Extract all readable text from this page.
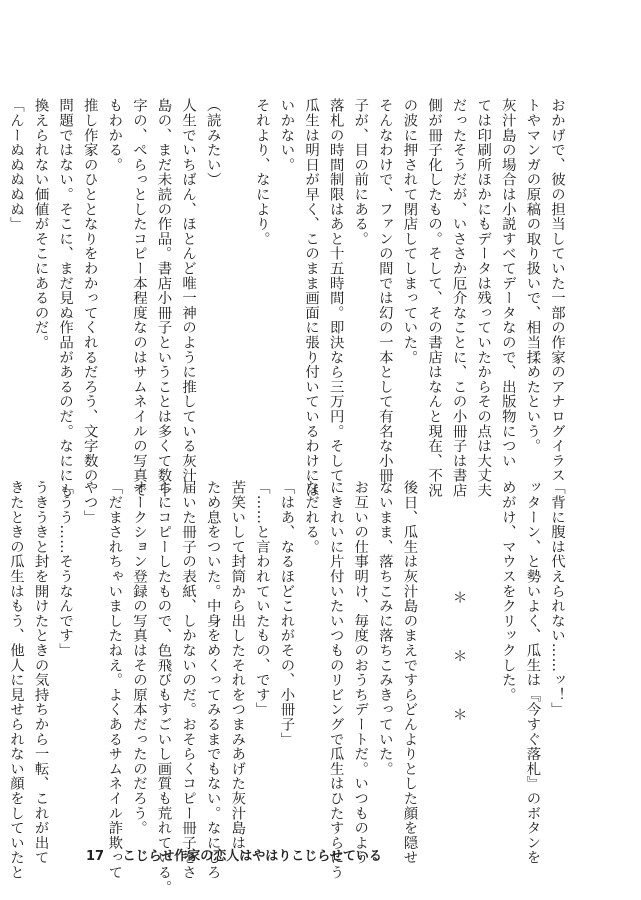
おかげで、彼の担当していた一部の作家のアナログイラス
トやマンガの原稿の取り扱いで、相当揉めたという。
灰汁島の場合は小説すべてデータなので、出版物につい
ては印刷所ほかにもデータは残っていたからその点は大丈夫
だったそうだが、いささか厄介なことに、この小冊子は書店
側が冊子化したもの。そして、その書店はなんと現在、不況
の波に押されて閉店してしまっていた。
そんなわけで、ファンの間では幻の一本として有名な小冊
子が、目の前にある。
落札の時間制限はあと十五時間。即決なら三万円。そして
瓜生は明日が早く、このまま画面に張り付いているわけには
いかない。
それより、なにより。
（読みたい）
人生でいちばん、ほとんど唯一神のように推している灰汁
島の、まだ未読の作品。書店小冊子ということは多くて数千
字の、ぺらっとしたコピー本程度なのはサムネイルの写真で
もわかる。
推し作家のひととなりをわかってくれるだろう、文字数の
問題ではない。そこに、まだ見ぬ作品があるのだ。なににも
換えられない価値がそこにあるのだ。
「んーぬぬぬぬぬ」
「背に腹は代えられない……ッ！」
ッターン、と勢いよく、瓜生は『今すぐ落札』のボタンを
めがけ、マウスをクリックした。
＊＊＊
後日、瓜生は灰汁島のまえですらどんよりとした顔を隠せ
ないまま、落ちこみに落ちこみきっていた。
お互いの仕事明け、毎度のおうちデートだ。いつものよう
にきれいに片付いたいつものリビングで瓜生はひたすらにう
なだれる。
「はあ、なるほどこれがその、小冊子」
「……と言われていたもの、です」
苦笑いして封筒から出したそれをつまみあげた灰汁島は、
ため息をついた。中身をめくってみるまでもない。なにしろ
届いた冊子の表紙、しかないのだ。おそらくコピー冊子をさ
らにコピーしたもので、色飛びもすごいし画質も荒れている。
オークション登録の写真はその原本だったのだろう。
「だまされちゃいましたねえ。よくあるサムネイル詐欺って
やつ」
「うう……そうなんです」
うきうきと封を開けたときの気持ちから一転、これが出て
きたときの瓜生はもう、他人に見せられない顔をしていたと	17 こじらせ作家の恋人はやはりこじらせている
